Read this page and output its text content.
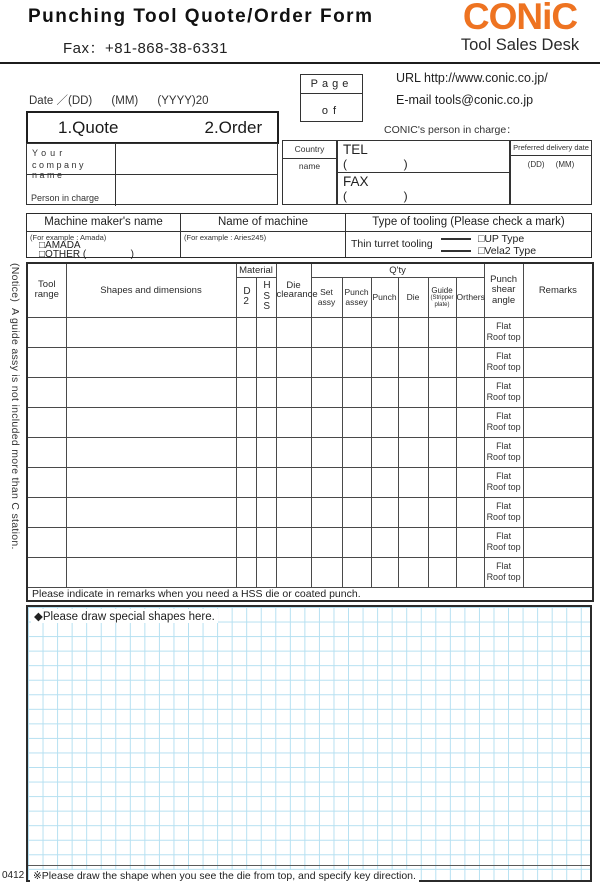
Punching Tool Quote/Order Form
Fax：+81-868-38-6331
CONiC
Tool Sales Desk
Date ／(DD)      (MM)      (YYYY)20
Page
of
URL http://www.conic.co.jp/
E-mail tools@conic.co.jp
CONIC's person in charge：
1.Quote	2.Order
Your
company name
Person in charge
Country name
TEL
(                 )
FAX
(                 )
Preferred delivery date
(DD)     (MM)
Machine maker's name
(For example : Amada)
□AMADA
□OTHER (                )
Name of machine
(For example : Aries245)
Type of tooling (Please check a mark)
Thin turret tooling	□UP Type
□Vela2 Type
(Notice)  A guide assy is not included more than C station. Tool range	Shapes and dimensions	Material		Die clearance	Q'ty						Punch shear angle	Remarks

		D2	HSS		Set assy	Punch assey	Punch	Die	Guide
(Stripper plate)	Orthers		

											Flat
Roof top	

											Flat
Roof top	

											Flat
Roof top	

											Flat
Roof top	

											Flat
Roof top	

											Flat
Roof top	

											Flat
Roof top	

											Flat
Roof top	

											Flat
Roof top	

Please indicate in remarks when you need a HSS die or coated punch.												
◆Please draw special shapes here.
※Please draw the shape when you see the die from top, and specify key direction.
0412
